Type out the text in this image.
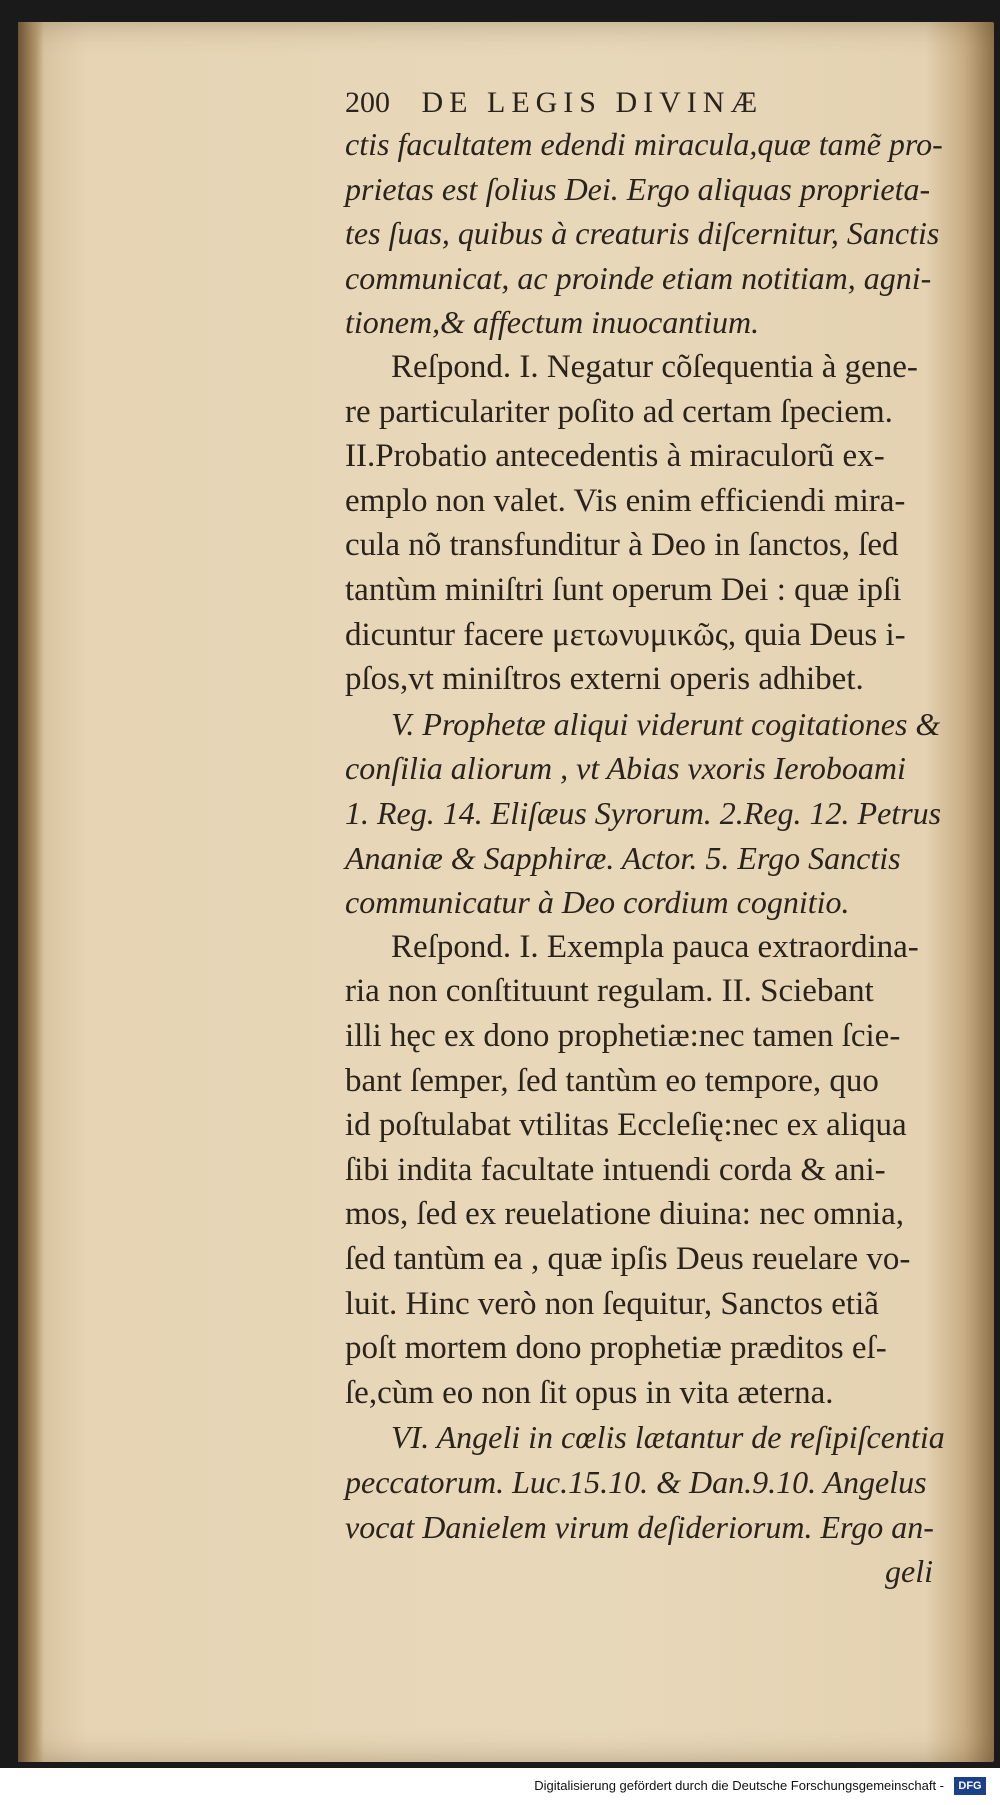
200 DE LEGIS DIVINÆ
ctis facultatem edendi miracula,quæ tamẽ pro-
prietas est ſolius Dei. Ergo aliquas proprieta-
tes ſuas, quibus à creaturis diſcernitur, Sanctis
communicat, ac proinde etiam notitiam, agni-
tionem,& affectum inuocantium.
Reſpond. I. Negatur cõſequentia à gene-
re particulariter poſito ad certam ſpeciem.
II.Probatio antecedentis à miraculorũ ex-
emplo non valet. Vis enim efficiendi mira-
cula nõ transfunditur à Deo in ſanctos, ſed
tantùm miniſtri ſunt operum Dei : quæ ipſi
dicuntur facere μετωνυμικῶς, quia Deus i-
pſos,vt miniſtros externi operis adhibet.
V. Prophetæ aliqui viderunt cogitationes &
conſilia aliorum , vt Abias vxoris Ieroboami
1. Reg. 14. Eliſæus Syrorum. 2.Reg. 12. Petrus
Ananiæ & Sapphiræ. Actor. 5. Ergo Sanctis
communicatur à Deo cordium cognitio.
Reſpond. I. Exempla pauca extraordina-
ria non conſtituunt regulam. II. Sciebant
illi hęc ex dono prophetiæ:nec tamen ſcie-
bant ſemper, ſed tantùm eo tempore, quo
id poſtulabat vtilitas Eccleſię:nec ex aliqua
ſibi indita facultate intuendi corda & ani-
mos, ſed ex reuelatione diuina: nec omnia,
ſed tantùm ea , quæ ipſis Deus reuelare vo-
luit. Hinc verò non ſequitur, Sanctos etiã
poſt mortem dono prophetiæ præditos eſ-
ſe,cùm eo non ſit opus in vita æterna.
VI. Angeli in cœlis lætantur de reſipiſcentia
peccatorum. Luc.15.10. & Dan.9.10. Angelus
vocat Danielem virum deſideriorum. Ergo an-
geli
Digitalisierung gefördert durch die Deutsche Forschungsgemeinschaft -	DFG
